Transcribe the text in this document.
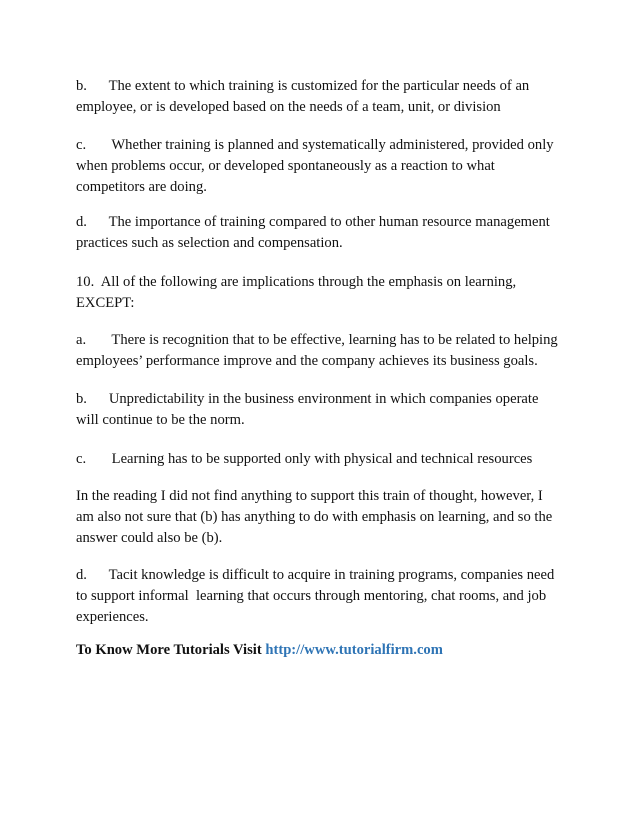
b.      The extent to which training is customized for the particular needs of an
employee, or is developed based on the needs of a team, unit, or division

c.       Whether training is planned and systematically administered, provided only
when problems occur, or developed spontaneously as a reaction to what
competitors are doing.

d.      The importance of training compared to other human resource management
practices such as selection and compensation.

10.  All of the following are implications through the emphasis on learning,
EXCEPT:

a.       There is recognition that to be effective, learning has to be related to helping
employees’ performance improve and the company achieves its business goals.

b.      Unpredictability in the business environment in which companies operate
will continue to be the norm.

c.       Learning has to be supported only with physical and technical resources

In the reading I did not find anything to support this train of thought, however, I
am also not sure that (b) has anything to do with emphasis on learning, and so the
answer could also be (b).

d.      Tacit knowledge is difficult to acquire in training programs, companies need
to support informal  learning that occurs through mentoring, chat rooms, and job
experiences.

To Know More Tutorials Visit http://www.tutorialfirm.com
